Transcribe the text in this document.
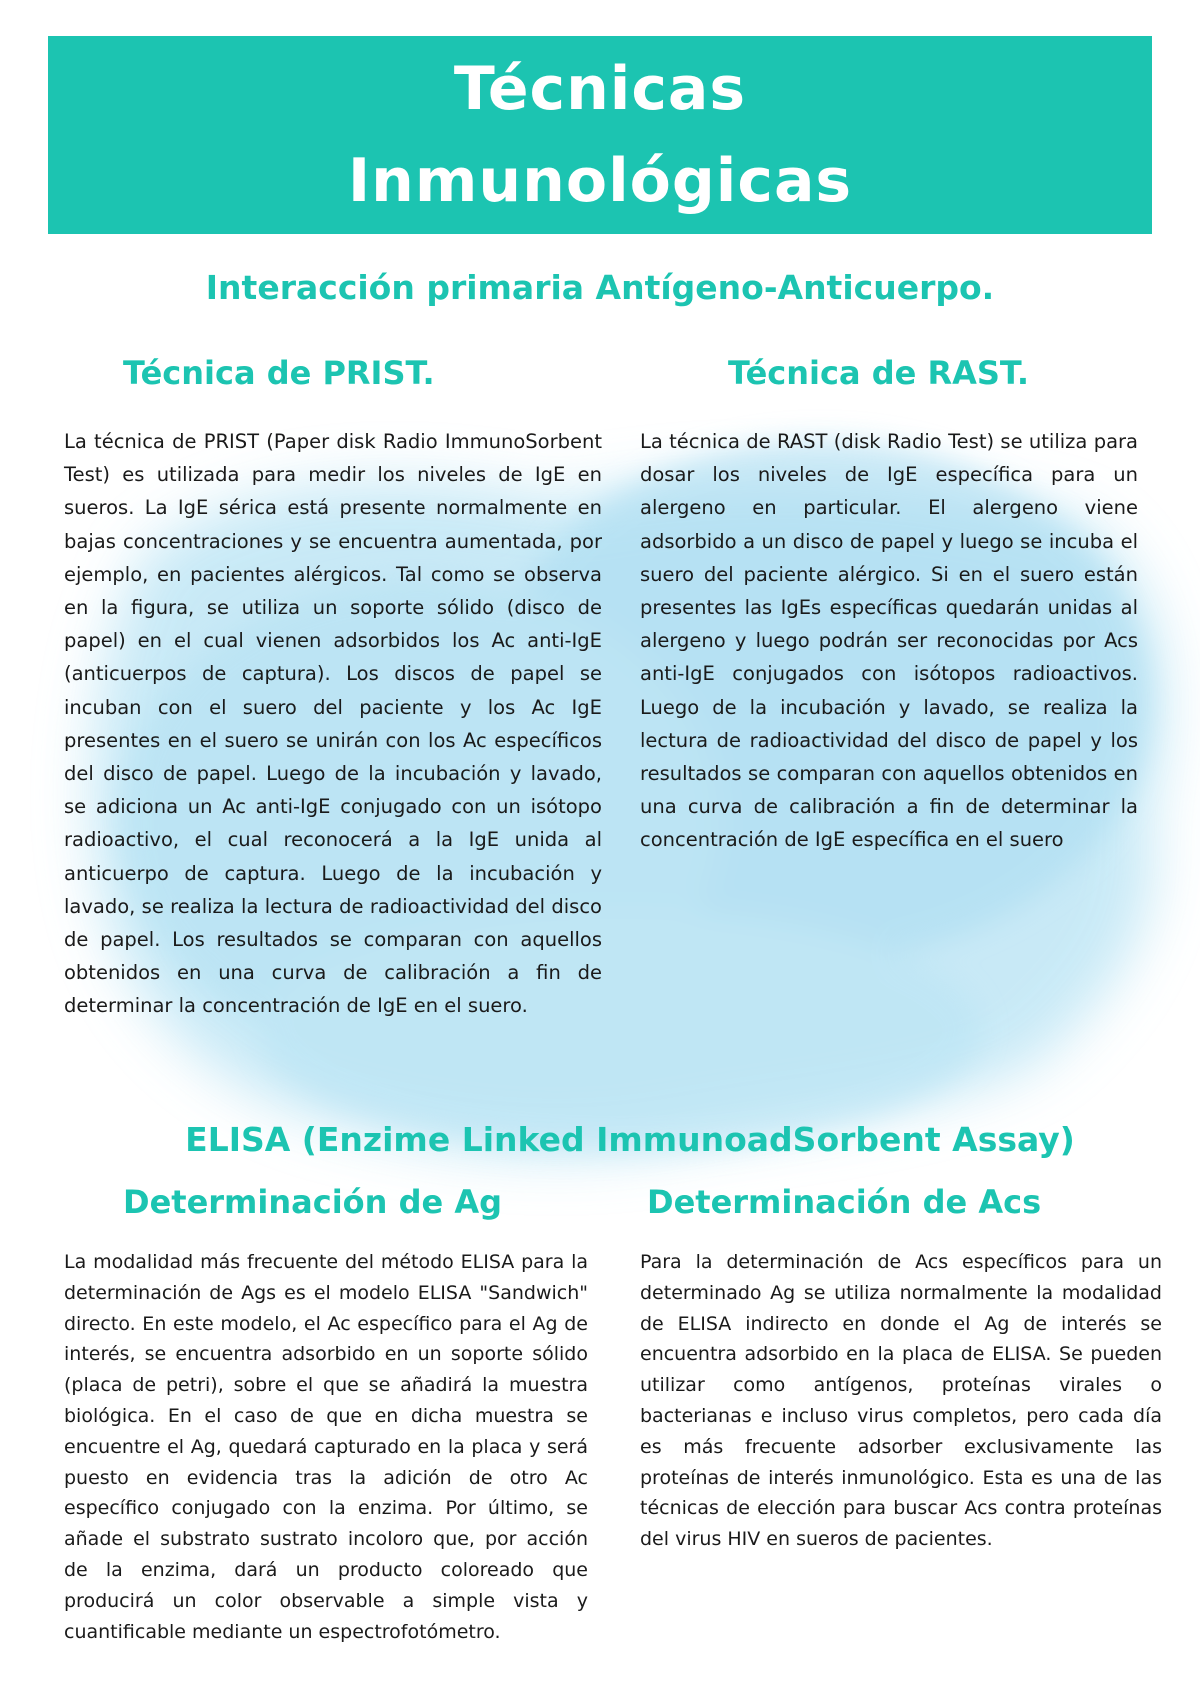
Técnicas
Inmunológicas
Interacción primaria Antígeno-Anticuerpo.
Técnica de PRIST.	Técnica de RAST.

La técnica de PRIST (Paper disk Radio ImmunoSorbent Test) es utilizada para medir los niveles de IgE en sueros. La IgE sérica está presente normalmente en bajas concentraciones y se encuentra aumentada, por ejemplo, en pacientes alérgicos. Tal como se observa en la figura, se utiliza un soporte sólido (disco de papel) en el cual vienen adsorbidos los Ac anti-IgE (anticuerpos de captura). Los discos de papel se incuban con el suero del paciente y los Ac IgE presentes en el suero se unirán con los Ac específicos del disco de papel. Luego de la incubación y lavado, se adiciona un Ac anti-IgE conjugado con un isótopo radioactivo, el cual reconocerá a la IgE unida al anticuerpo de captura. Luego de la incubación y lavado, se realiza la lectura de radioactividad del disco de papel. Los resultados se comparan con aquellos obtenidos en una curva de calibración a fin de determinar la concentración de IgE en el suero.

La técnica de RAST (disk Radio Test) se utiliza para dosar los niveles de IgE específica para un alergeno en particular. El alergeno viene adsorbido a un disco de papel y luego se incuba el suero del paciente alérgico. Si en el suero están presentes las IgEs específicas quedarán unidas al alergeno y luego podrán ser reconocidas por Acs anti-IgE conjugados con isótopos radioactivos. Luego de la incubación y lavado, se realiza la lectura de radioactividad del disco de papel y los resultados se comparan con aquellos obtenidos en una curva de calibración a fin de determinar la concentración de IgE específica en el suero

ELISA (Enzime Linked ImmunoadSorbent Assay)
Determinación de Ag	Determinación de Acs

La modalidad más frecuente del método ELISA para la determinación de Ags es el modelo ELISA "Sandwich" directo. En este modelo, el Ac específico para el Ag de interés, se encuentra adsorbido en un soporte sólido (placa de petri), sobre el que se añadirá la muestra biológica. En el caso de que en dicha muestra se encuentre el Ag, quedará capturado en la placa y será puesto en evidencia tras la adición de otro Ac específico conjugado con la enzima. Por último, se añade el substrato sustrato incoloro que, por acción de la enzima, dará un producto coloreado que producirá un color observable a simple vista y cuantificable mediante un espectrofotómetro.

Para la determinación de Acs específicos para un determinado Ag se utiliza normalmente la modalidad de ELISA indirecto en donde el Ag de interés se encuentra adsorbido en la placa de ELISA. Se pueden utilizar como antígenos, proteínas virales o bacterianas e incluso virus completos, pero cada día es más frecuente adsorber exclusivamente las proteínas de interés inmunológico. Esta es una de las técnicas de elección para buscar Acs contra proteínas del virus HIV en sueros de pacientes.
